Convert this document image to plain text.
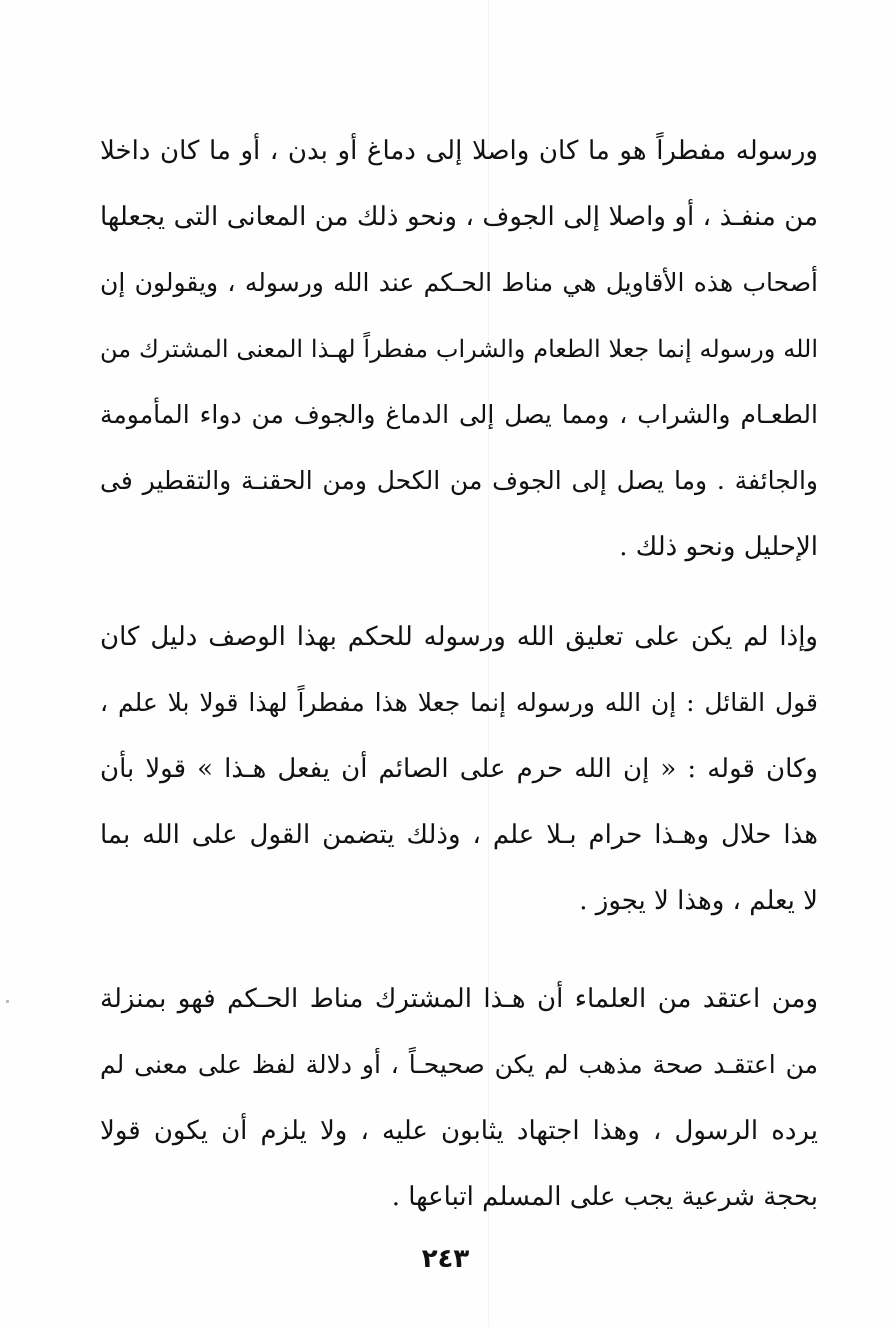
ورسوله مفطراً هو ما كان واصلا إلى دماغ أو بدن ، أو ما كان داخلا
من منفـذ ، أو واصلا إلى الجوف ، ونحو ذلك من المعانى التى يجعلها
أصحاب هذه الأقاويل هي مناط الحـكم عند الله ورسوله ، ويقولون إن
الله ورسوله إنما جعلا الطعام والشراب مفطراً لهـذا المعنى المشترك من
الطعـام والشراب ، ومما يصل إلى الدماغ والجوف من دواء المأمومة
والجائفة . وما يصل إلى الجوف من الكحل ومن الحقنـة والتقطير فى
الإحليل ونحو ذلك .
وإذا لم يكن على تعليق الله ورسوله للحكم بهذا الوصف دليل كان
قول القائل : إن الله ورسوله إنما جعلا هذا مفطراً لهذا قولا بلا علم ،
وكان قوله : « إن الله حرم على الصائم أن يفعل هـذا » قولا بأن
هذا حلال وهـذا حرام بـلا علم ، وذلك يتضمن القول على الله بما
لا يعلم ، وهذا لا يجوز .
ومن اعتقد من العلماء أن هـذا المشترك مناط الحـكم فهو بمنزلة
من اعتقـد صحة مذهب لم يكن صحيحـاً ، أو دلالة لفظ على معنى لم
يرده الرسول ، وهذا اجتهاد يثابون عليه ، ولا يلزم أن يكون قولا
بحجة شرعية يجب على المسلم اتباعها .
٢٤٣
